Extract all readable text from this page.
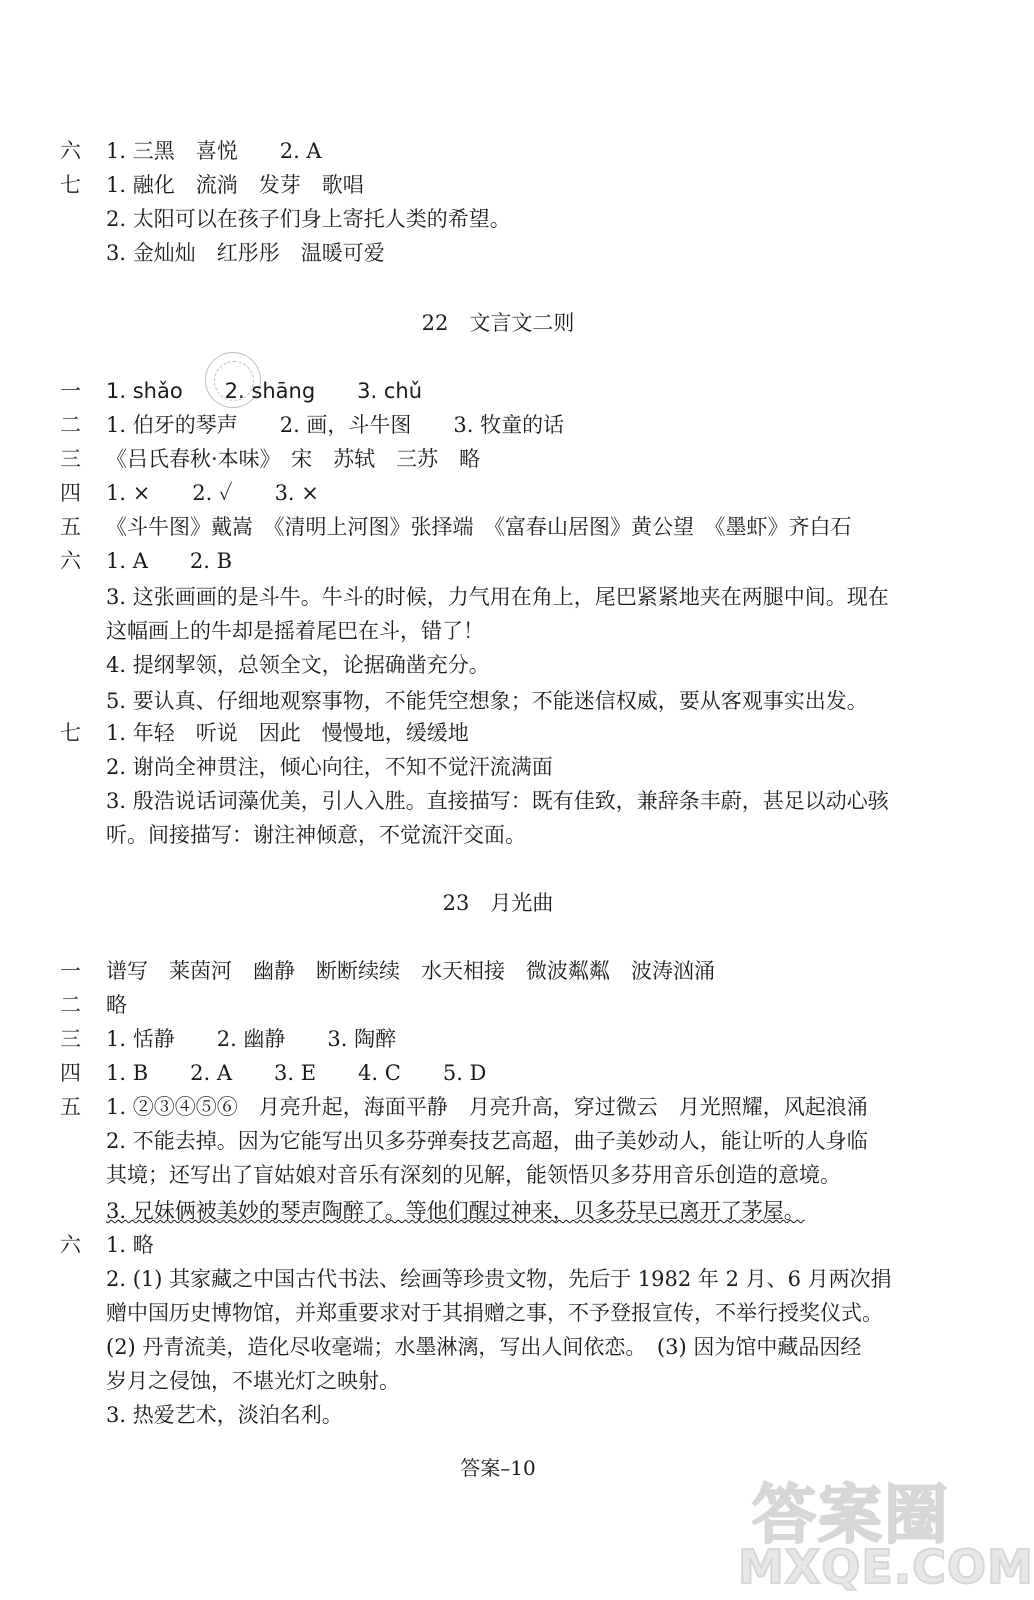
六	1. 三黑　喜悦　　2. A
七	1. 融化　流淌　发芽　歌唱
2. 太阳可以在孩子们身上寄托人类的希望。
3. 金灿灿　红彤彤　温暖可爱
22　文言文二则
一	1. shǎo　　2. shāng　　3. chǔ
二	1. 伯牙的琴声　　2. 画，斗牛图　　3. 牧童的话
三	《吕氏春秋·本味》　宋　苏轼　三苏　略
四	1. ×　　2. ✓　　3. ×
五	《斗牛图》戴嵩　《清明上河图》张择端　《富春山居图》黄公望　《墨虾》齐白石
六	1. A　　2. B
3. 这张画画的是斗牛。牛斗的时候，力气用在角上，尾巴紧紧地夹在两腿中间。现在
这幅画上的牛却是摇着尾巴在斗，错了！
4. 提纲挈领，总领全文，论据确凿充分。
5. 要认真、仔细地观察事物，不能凭空想象；不能迷信权威，要从客观事实出发。
七	1. 年轻　听说　因此　慢慢地，缓缓地
2. 谢尚全神贯注，倾心向往，不知不觉汗流满面
3. 殷浩说话词藻优美，引人入胜。直接描写：既有佳致，兼辞条丰蔚，甚足以动心骇
听。间接描写：谢注神倾意，不觉流汗交面。
23　月光曲
一	谱写　莱茵河　幽静　断断续续　水天相接　微波粼粼　波涛汹涌
二	略
三	1. 恬静　　2. 幽静　　3. 陶醉
四	1. B　　2. A　　3. E　　4. C　　5. D
五	1. ②③④⑤⑥　月亮升起，海面平静　月亮升高，穿过微云　月光照耀，风起浪涌
2. 不能去掉。因为它能写出贝多芬弹奏技艺高超，曲子美妙动人，能让听的人身临
其境；还写出了盲姑娘对音乐有深刻的见解，能领悟贝多芬用音乐创造的意境。
3. 兄妹俩被美妙的琴声陶醉了。等他们醒过神来，贝多芬早已离开了茅屋。
六	1. 略
2. (1) 其家藏之中国古代书法、绘画等珍贵文物，先后于 1982 年 2 月、6 月两次捐
赠中国历史博物馆，并郑重要求对于其捐赠之事，不予登报宣传，不举行授奖仪式。
(2) 丹青流美，造化尽收毫端；水墨淋漓，写出人间依恋。　(3) 因为馆中藏品因经
岁月之侵蚀，不堪光灯之映射。
3. 热爱艺术，淡泊名利。
答案–10
答案圈
MXQE.COM
